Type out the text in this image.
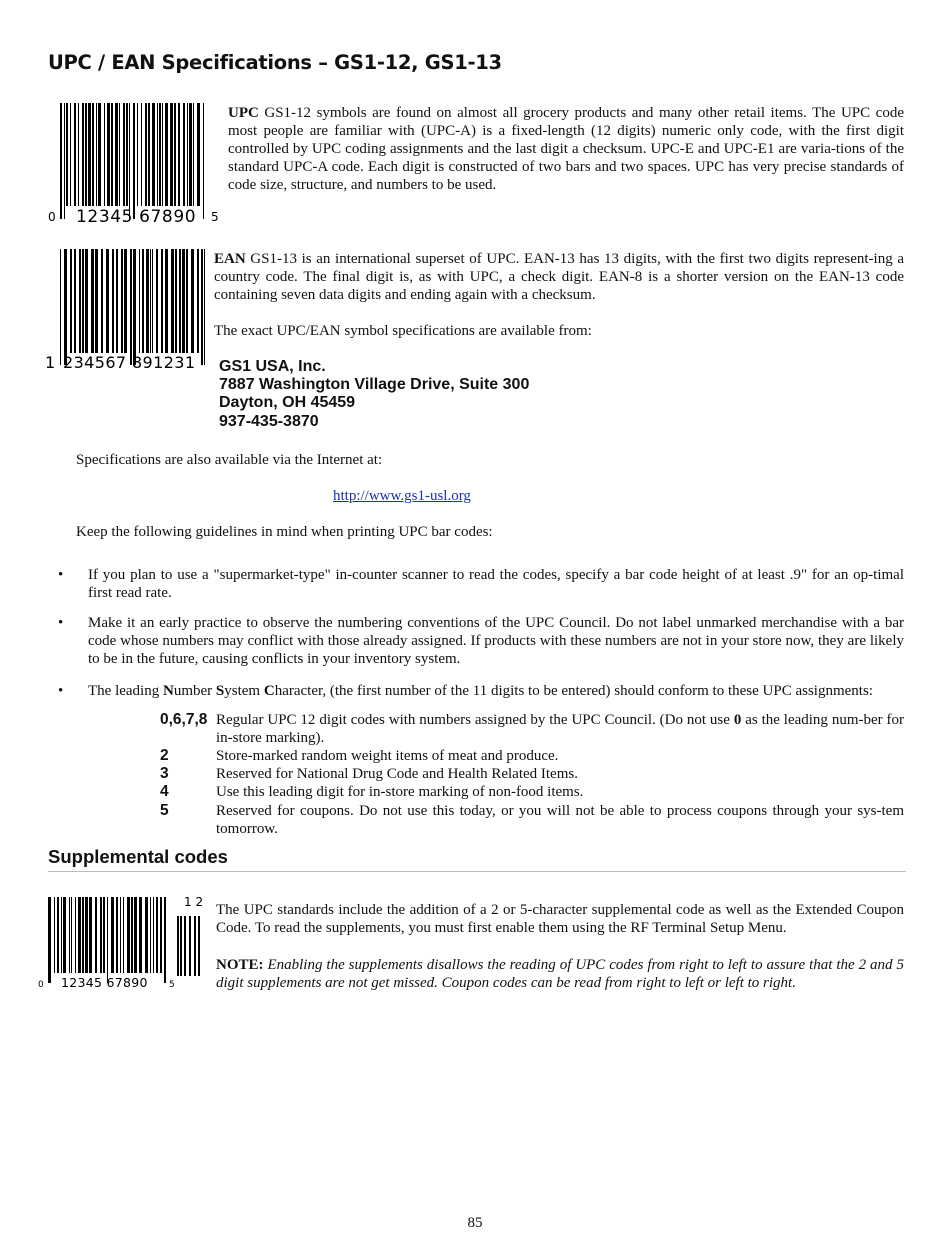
UPC / EAN Specifications – GS1-12, GS1-13
0 12345 67890 5
UPC GS1-12 symbols are found on almost all grocery products and many other retail items. The UPC code most people are familiar with (UPC-A) is a fixed-length (12 digits) numeric only code, with the first digit controlled by UPC coding assignments and the last digit a checksum. UPC-E and UPC-E1 are varia-tions of the standard UPC-A code. Each digit is constructed of two bars and two spaces. UPC has very precise standards of code size, structure, and numbers to be used.
1 234567 891231
EAN GS1-13 is an international superset of UPC. EAN-13 has 13 digits, with the first two digits represent-ing a country code. The final digit is, as with UPC, a check digit. EAN-8 is a shorter version on the EAN-13 code containing seven data digits and ending again with a checksum.
The exact UPC/EAN symbol specifications are available from:
GS1 USA, Inc.
7887 Washington Village Drive, Suite 300
Dayton, OH 45459
937-435-3870
Specifications are also available via the Internet at:
http://www.gs1-usl.org
Keep the following guidelines in mind when printing UPC bar codes:
• If you plan to use a "supermarket-type" in-counter scanner to read the codes, specify a bar code height of at least .9" for an op-timal first read rate.
• Make it an early practice to observe the numbering conventions of the UPC Council. Do not label unmarked merchandise with a bar code whose numbers may conflict with those already assigned. If products with these numbers are not in your store now, they are likely to be in the future, causing conflicts in your inventory system.
• The leading Number System Character, (the first number of the 11 digits to be entered) should conform to these UPC assignments:
0,6,7,8 Regular UPC 12 digit codes with numbers assigned by the UPC Council. (Do not use 0 as the leading num-ber for in-store marking).
2	Store-marked random weight items of meat and produce.
3	Reserved for National Drug Code and Health Related Items.
4	Use this leading digit for in-store marking of non-food items.
5	Reserved for coupons. Do not use this today, or you will not be able to process coupons through your sys-tem tomorrow.
Supplemental codes
0 12345 67890 5
1 2 The UPC standards include the addition of a 2 or 5-character supplemental code as well as the Extended Coupon Code. To read the supplements, you must first enable them using the RF Terminal Setup Menu.
NOTE: Enabling the supplements disallows the reading of UPC codes from right to left to assure that the 2 and 5 digit supplements are not get missed. Coupon codes can be read from right to left or left to right.
85
